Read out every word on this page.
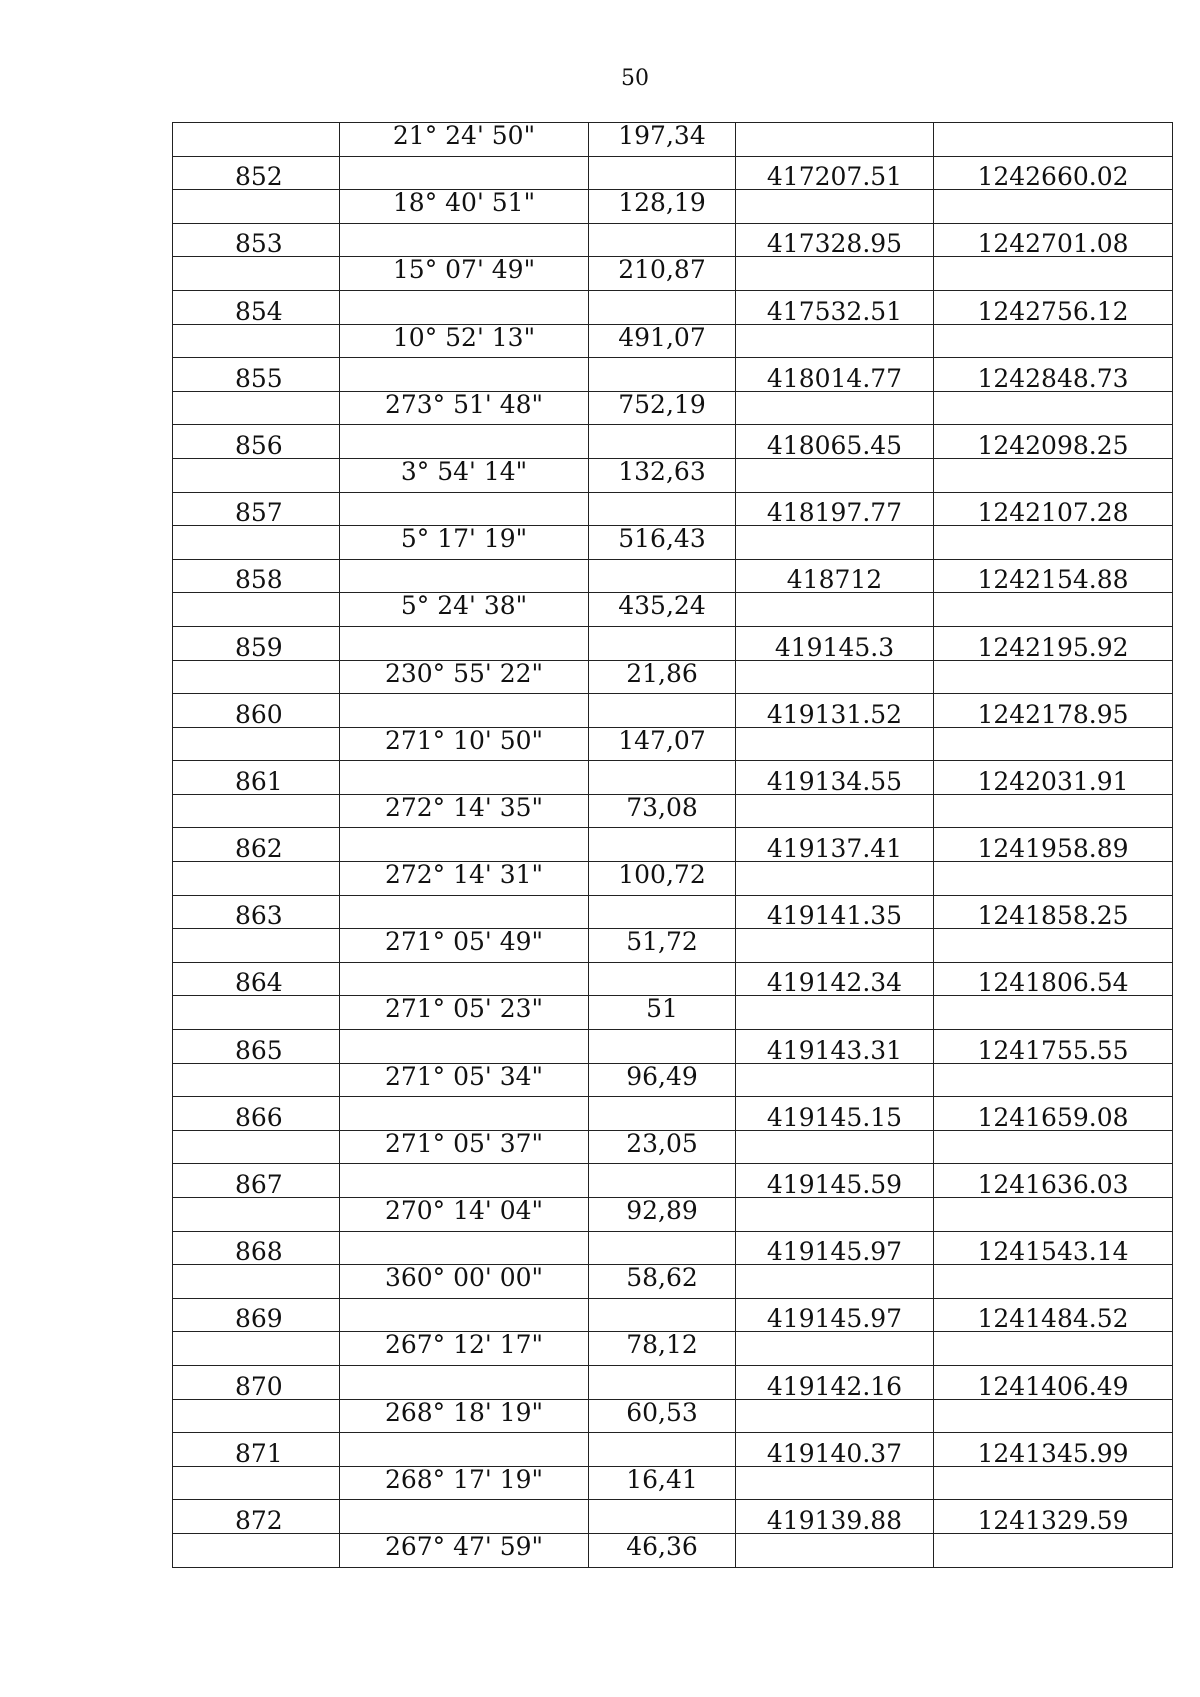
50
	21° 24' 50"	197,34		
852			417207.51	1242660.02
	18° 40' 51"	128,19		
853			417328.95	1242701.08
	15° 07' 49"	210,87		
854			417532.51	1242756.12
	10° 52' 13"	491,07		
855			418014.77	1242848.73
	273° 51' 48"	752,19		
856			418065.45	1242098.25
	3° 54' 14"	132,63		
857			418197.77	1242107.28
	5° 17' 19"	516,43		
858			418712	1242154.88
	5° 24' 38"	435,24		
859			419145.3	1242195.92
	230° 55' 22"	21,86		
860			419131.52	1242178.95
	271° 10' 50"	147,07		
861			419134.55	1242031.91
	272° 14' 35"	73,08		
862			419137.41	1241958.89
	272° 14' 31"	100,72		
863			419141.35	1241858.25
	271° 05' 49"	51,72		
864			419142.34	1241806.54
	271° 05' 23"	51		
865			419143.31	1241755.55
	271° 05' 34"	96,49		
866			419145.15	1241659.08
	271° 05' 37"	23,05		
867			419145.59	1241636.03
	270° 14' 04"	92,89		
868			419145.97	1241543.14
	360° 00' 00"	58,62		
869			419145.97	1241484.52
	267° 12' 17"	78,12		
870			419142.16	1241406.49
	268° 18' 19"	60,53		
871			419140.37	1241345.99
	268° 17' 19"	16,41		
872			419139.88	1241329.59
	267° 47' 59"	46,36		
